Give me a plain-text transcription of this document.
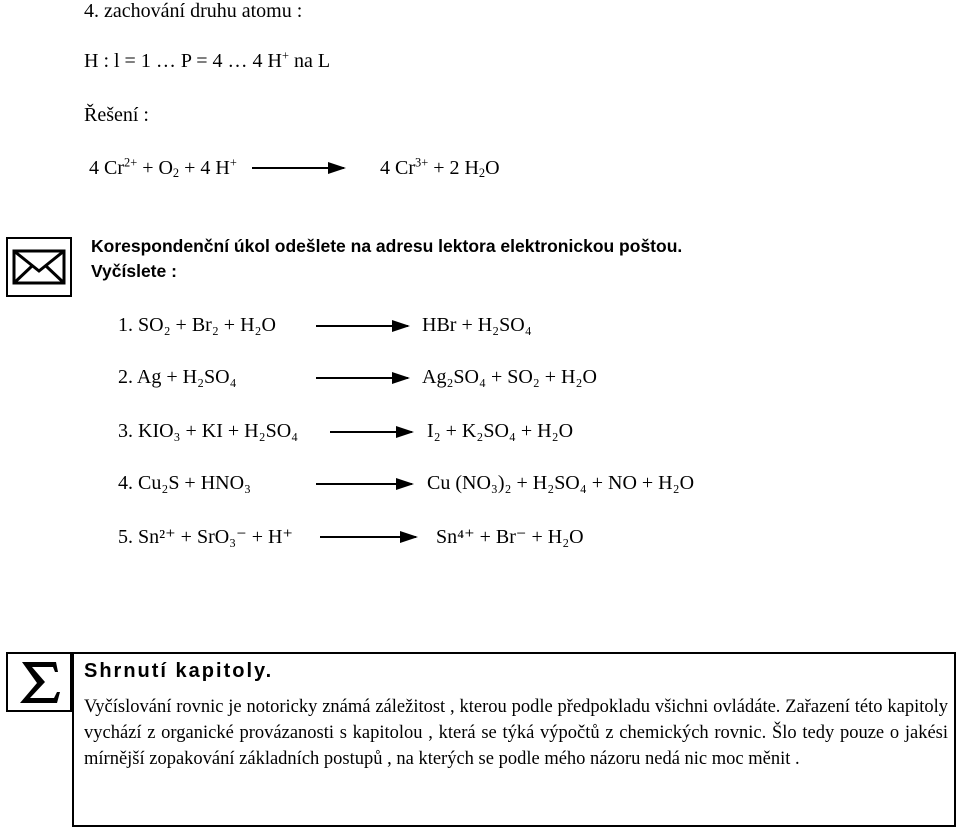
4. zachování druhu atomu :
H : l = 1 … P = 4 … 4 H+ na L
Řešení :
4 $Cr^{2+} + O_2 + 4$ H+	4 $Cr^{3+} + 2$ $H_2O$
Korespondenční úkol odešlete na adresu lektora elektronickou poštou.
Vyčíslete :
1. SO₂ + Br₂ + H₂O	HBr + H₂SO₄
2. Ag + H₂SO₄	Ag₂SO₄ + SO₂ + H₂O
3. KIO₃ + KI + H₂SO₄	I₂ + K₂SO₄ + H₂O
4. Cu₂S + HNO₃	Cu (NO₃)₂ + H₂SO₄ + NO + H₂O
5. Sn²⁺ + SrO₃⁻ + H⁺	Sn⁴⁺ + Br⁻ + H₂O
Shrnutí kapitoly.
Vyčíslování rovnic je notoricky známá záležitost , kterou podle předpokladu všichni ovládáte. Zařazení této kapitoly vychází z organické provázanosti s kapitolou , která se týká výpočtů z chemických rovnic. Šlo tedy pouze o jakési mírnější zopakování základních postupů , na kterých se podle mého názoru nedá nic moc měnit .
